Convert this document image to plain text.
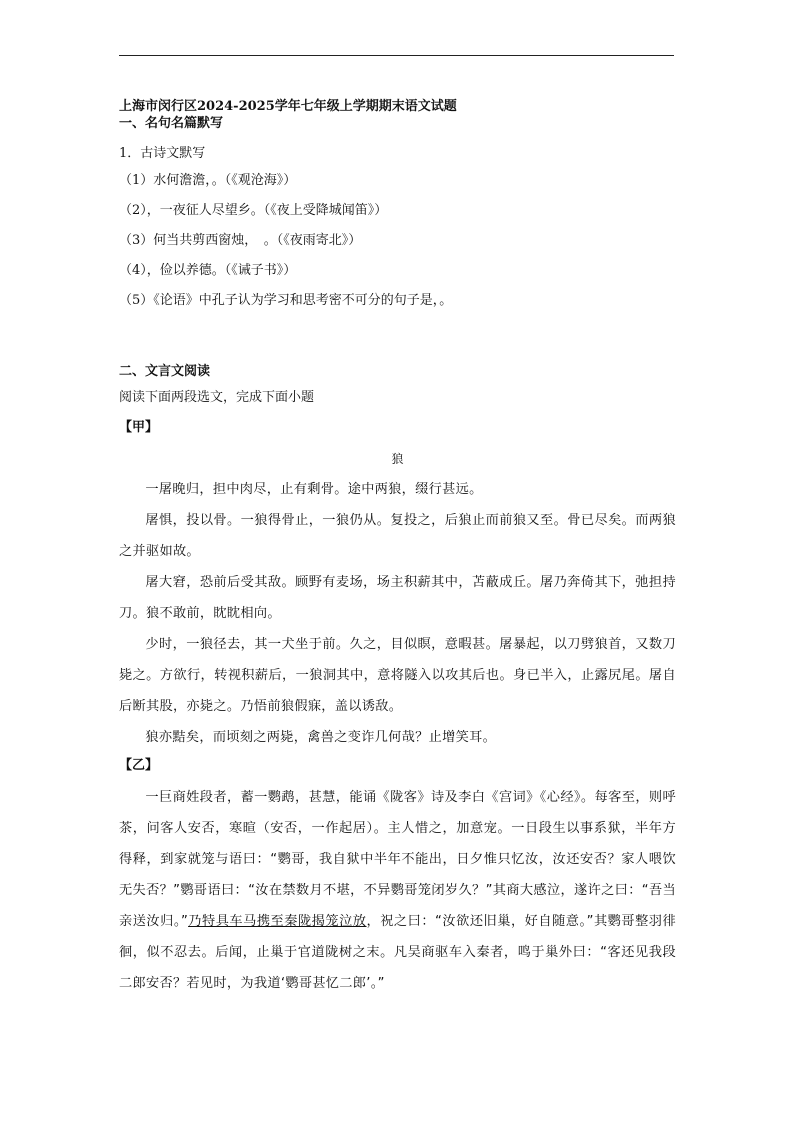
上海市闵行区2024-2025学年七年级上学期期末语文试题

一、名句名篇默写

1．古诗文默写

（1）水何澹澹，。（《观沧海》）

（2），一夜征人尽望乡。（《夜上受降城闻笛》）

（3）何当共剪西窗烛，　。（《夜雨寄北》）

（4），俭以养德。（《诫子书》）

（5）《论语》中孔子认为学习和思考密不可分的句子是，。

二、文言文阅读

阅读下面两段选文，完成下面小题

【甲】

狼

一屠晚归，担中肉尽，止有剩骨。途中两狼，缀行甚远。

屠惧，投以骨。一狼得骨止，一狼仍从。复投之，后狼止而前狼又至。骨已尽矣。而两狼之并驱如故。

屠大窘，恐前后受其敌。顾野有麦场，场主积薪其中，苫蔽成丘。屠乃奔倚其下，弛担持刀。狼不敢前，眈眈相向。

少时，一狼径去，其一犬坐于前。久之，目似瞑，意暇甚。屠暴起，以刀劈狼首，又数刀毙之。方欲行，转视积薪后，一狼洞其中，意将隧入以攻其后也。身已半入，止露尻尾。屠自后断其股，亦毙之。乃悟前狼假寐，盖以诱敌。

狼亦黠矣，而顷刻之两毙，禽兽之变诈几何哉？止增笑耳。

【乙】

一巨商姓段者，蓄一鹦鹉，甚慧，能诵《陇客》诗及李白《宫词》《心经》。每客至，则呼茶，问客人安否，寒暄（安否，一作起居）。主人惜之，加意宠。一日段生以事系狱，半年方得释，到家就笼与语曰：“鹦哥，我自狱中半年不能出，日夕惟只忆汝，汝还安否？家人喂饮无失否？”鹦哥语曰：“汝在禁数月不堪，不异鹦哥笼闭岁久？”其商大感泣，遂许之曰：“吾当亲送汝归。”乃特具车马携至秦陇揭笼泣放，祝之曰：“汝欲还旧巢，好自随意。”其鹦哥整羽徘徊，似不忍去。后闻，止巢于官道陇树之末。凡吴商驱车入秦者，鸣于巢外曰：“客还见我段二郎安否？若见时，为我道‘鹦哥甚忆二郎’。”
